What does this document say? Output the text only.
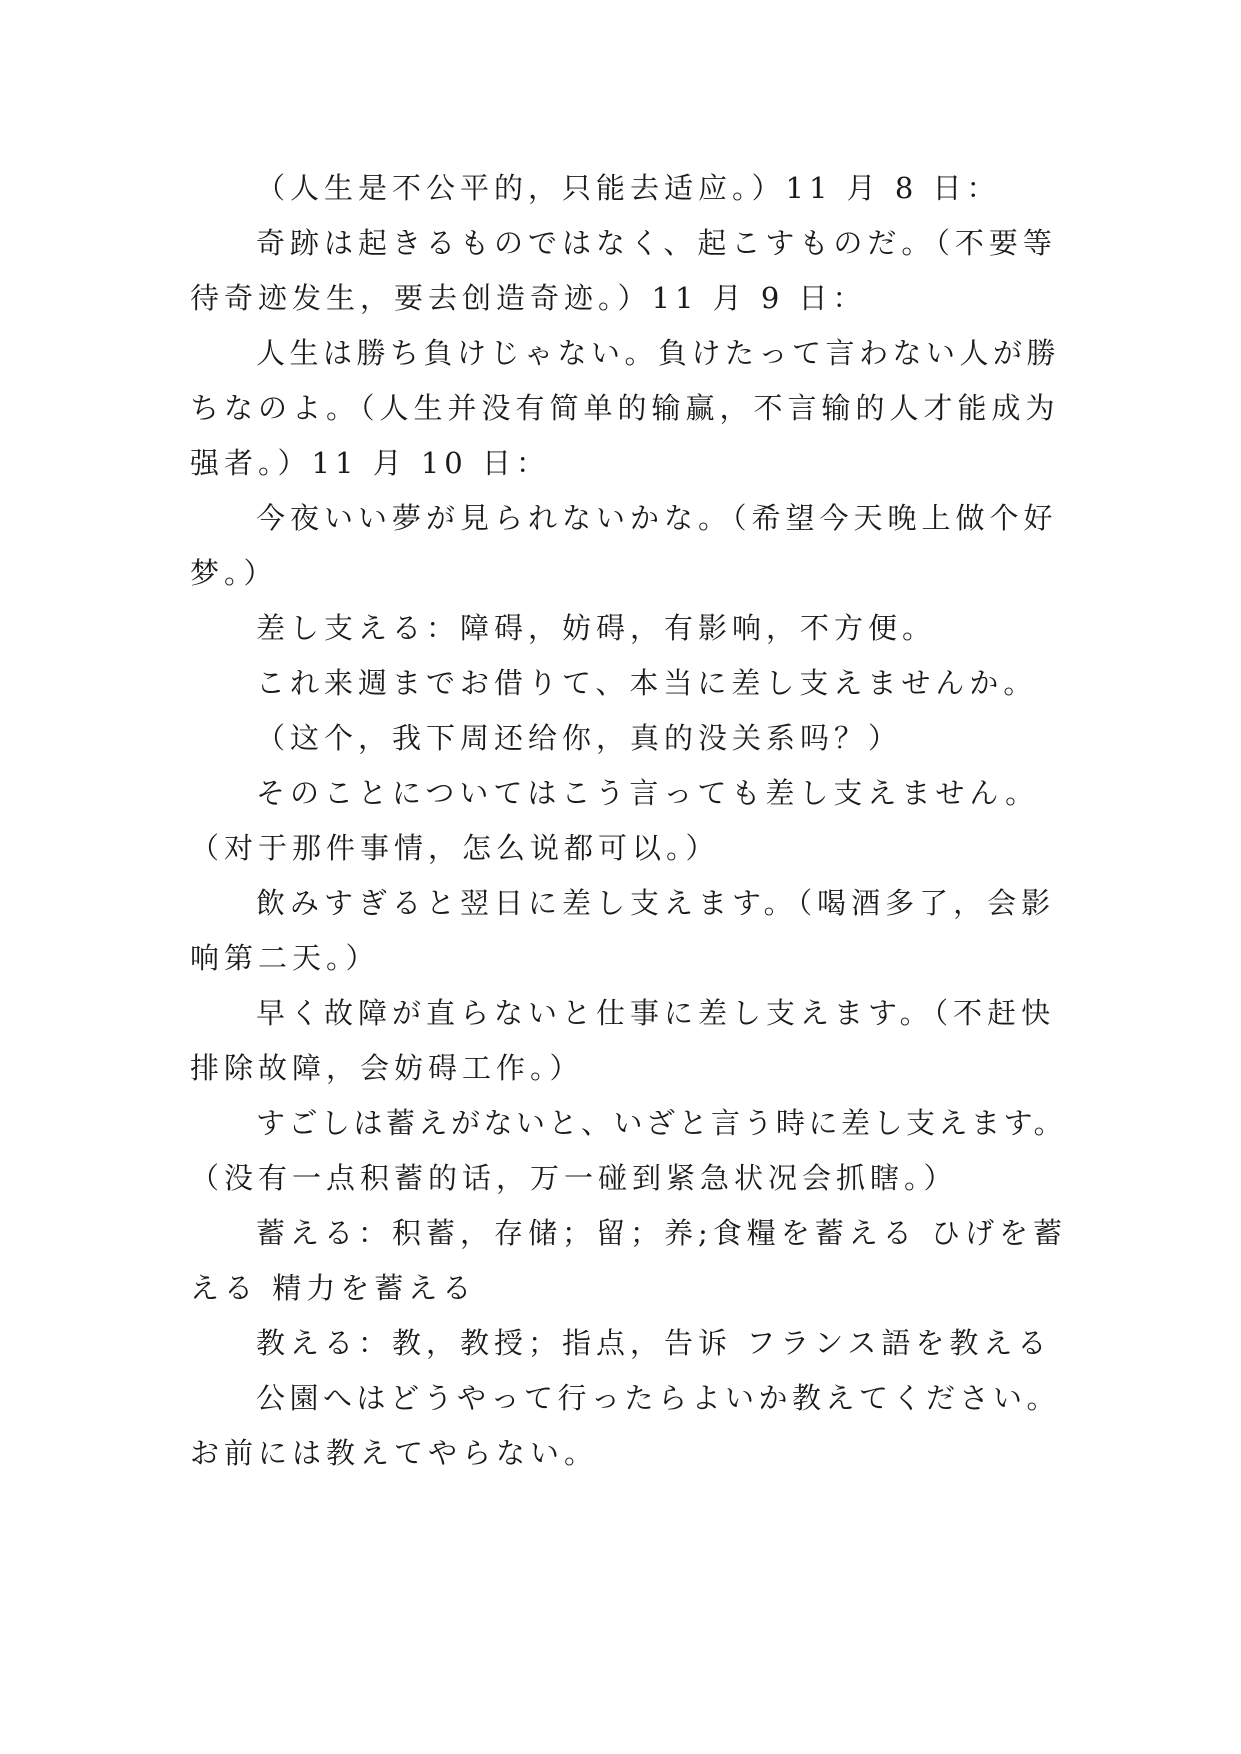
（人生是不公平的，只能去适应。）11 月 8 日：
奇跡は起きるものではなく、起こすものだ。（不要等
待奇迹发生，要去创造奇迹。）11 月 9 日：
人生は勝ち負けじゃない。負けたって言わない人が勝
ちなのよ。（人生并没有简单的输赢，不言输的人才能成为
强者。）11 月 10 日：
今夜いい夢が見られないかな。（希望今天晚上做个好
梦。）
差し支える：障碍，妨碍，有影响，不方便。
これ来週までお借りて、本当に差し支えませんか。
（这个，我下周还给你，真的没关系吗？）
そのことについてはこう言っても差し支えません。
（对于那件事情，怎么说都可以。）
飲みすぎると翌日に差し支えます。（喝酒多了，会影
响第二天。）
早く故障が直らないと仕事に差し支えます。（不赶快
排除故障，会妨碍工作。）
すごしは蓄えがないと、いざと言う時に差し支えます。
（没有一点积蓄的话，万一碰到紧急状况会抓瞎。）
蓄える：积蓄，存储；留；养;食糧を蓄える ひげを蓄
える 精力を蓄える
教える：教，教授；指点，告诉 フランス語を教える
公園へはどうやって行ったらよいか教えてください。
お前には教えてやらない。
